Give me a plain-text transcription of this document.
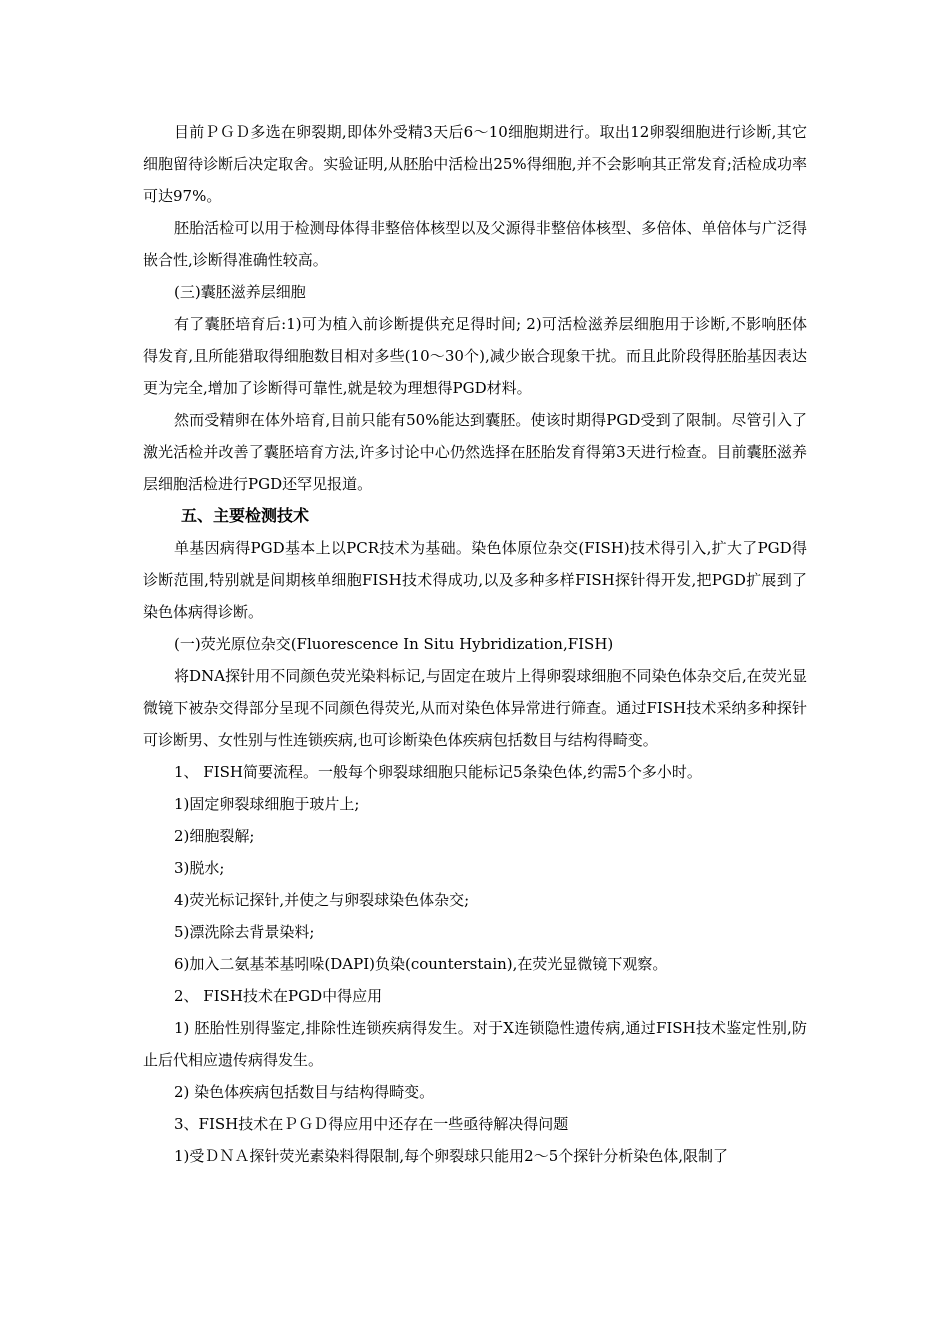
目前ＰＧＤ多选在卵裂期,即体外受精3天后6～10细胞期进行。取出12卵裂细胞进行诊断,其它细胞留待诊断后决定取舍。实验证明,从胚胎中活检出25%得细胞,并不会影响其正常发育;活检成功率可达97%。

胚胎活检可以用于检测母体得非整倍体核型以及父源得非整倍体核型、多倍体、单倍体与广泛得嵌合性,诊断得准确性较高。

(三)囊胚滋养层细胞

有了囊胚培育后:1)可为植入前诊断提供充足得时间; 2)可活检滋养层细胞用于诊断,不影响胚体得发育,且所能猎取得细胞数目相对多些(10～30个),减少嵌合现象干扰。而且此阶段得胚胎基因表达更为完全,增加了诊断得可靠性,就是较为理想得PGD材料。

然而受精卵在体外培育,目前只能有50%能达到囊胚。使该时期得PGD受到了限制。尽管引入了激光活检并改善了囊胚培育方法,许多讨论中心仍然选择在胚胎发育得第3天进行检查。目前囊胚滋养层细胞活检进行PGD还罕见报道。

五、主要检测技术

单基因病得PGD基本上以PCR技术为基础。染色体原位杂交(FISH)技术得引入,扩大了PGD得诊断范围,特别就是间期核单细胞FISH技术得成功,以及多种多样FISH探针得开发,把PGD扩展到了染色体病得诊断。

(一)荧光原位杂交(Fluorescence In Situ Hybridization,FISH)

将DNA探针用不同颜色荧光染料标记,与固定在玻片上得卵裂球细胞不同染色体杂交后,在荧光显微镜下被杂交得部分呈现不同颜色得荧光,从而对染色体异常进行筛查。通过FISH技术采纳多种探针可诊断男、女性别与性连锁疾病,也可诊断染色体疾病包括数目与结构得畸变。

1、 FISH简要流程。一般每个卵裂球细胞只能标记5条染色体,约需5个多小时。

1)固定卵裂球细胞于玻片上;

2)细胞裂解;

3)脱水;

4)荧光标记探针,并使之与卵裂球染色体杂交;

5)漂洗除去背景染料;

6)加入二氨基苯基吲哚(DAPI)负染(counterstain),在荧光显微镜下观察。

2、 FISH技术在PGD中得应用

1) 胚胎性别得鉴定,排除性连锁疾病得发生。对于X连锁隐性遗传病,通过FISH技术鉴定性别,防止后代相应遗传病得发生。

2) 染色体疾病包括数目与结构得畸变。

3、FISH技术在ＰＧＤ得应用中还存在一些亟待解决得问题

1)受ＤＮＡ探针荧光素染料得限制,每个卵裂球只能用2～5个探针分析染色体,限制了
